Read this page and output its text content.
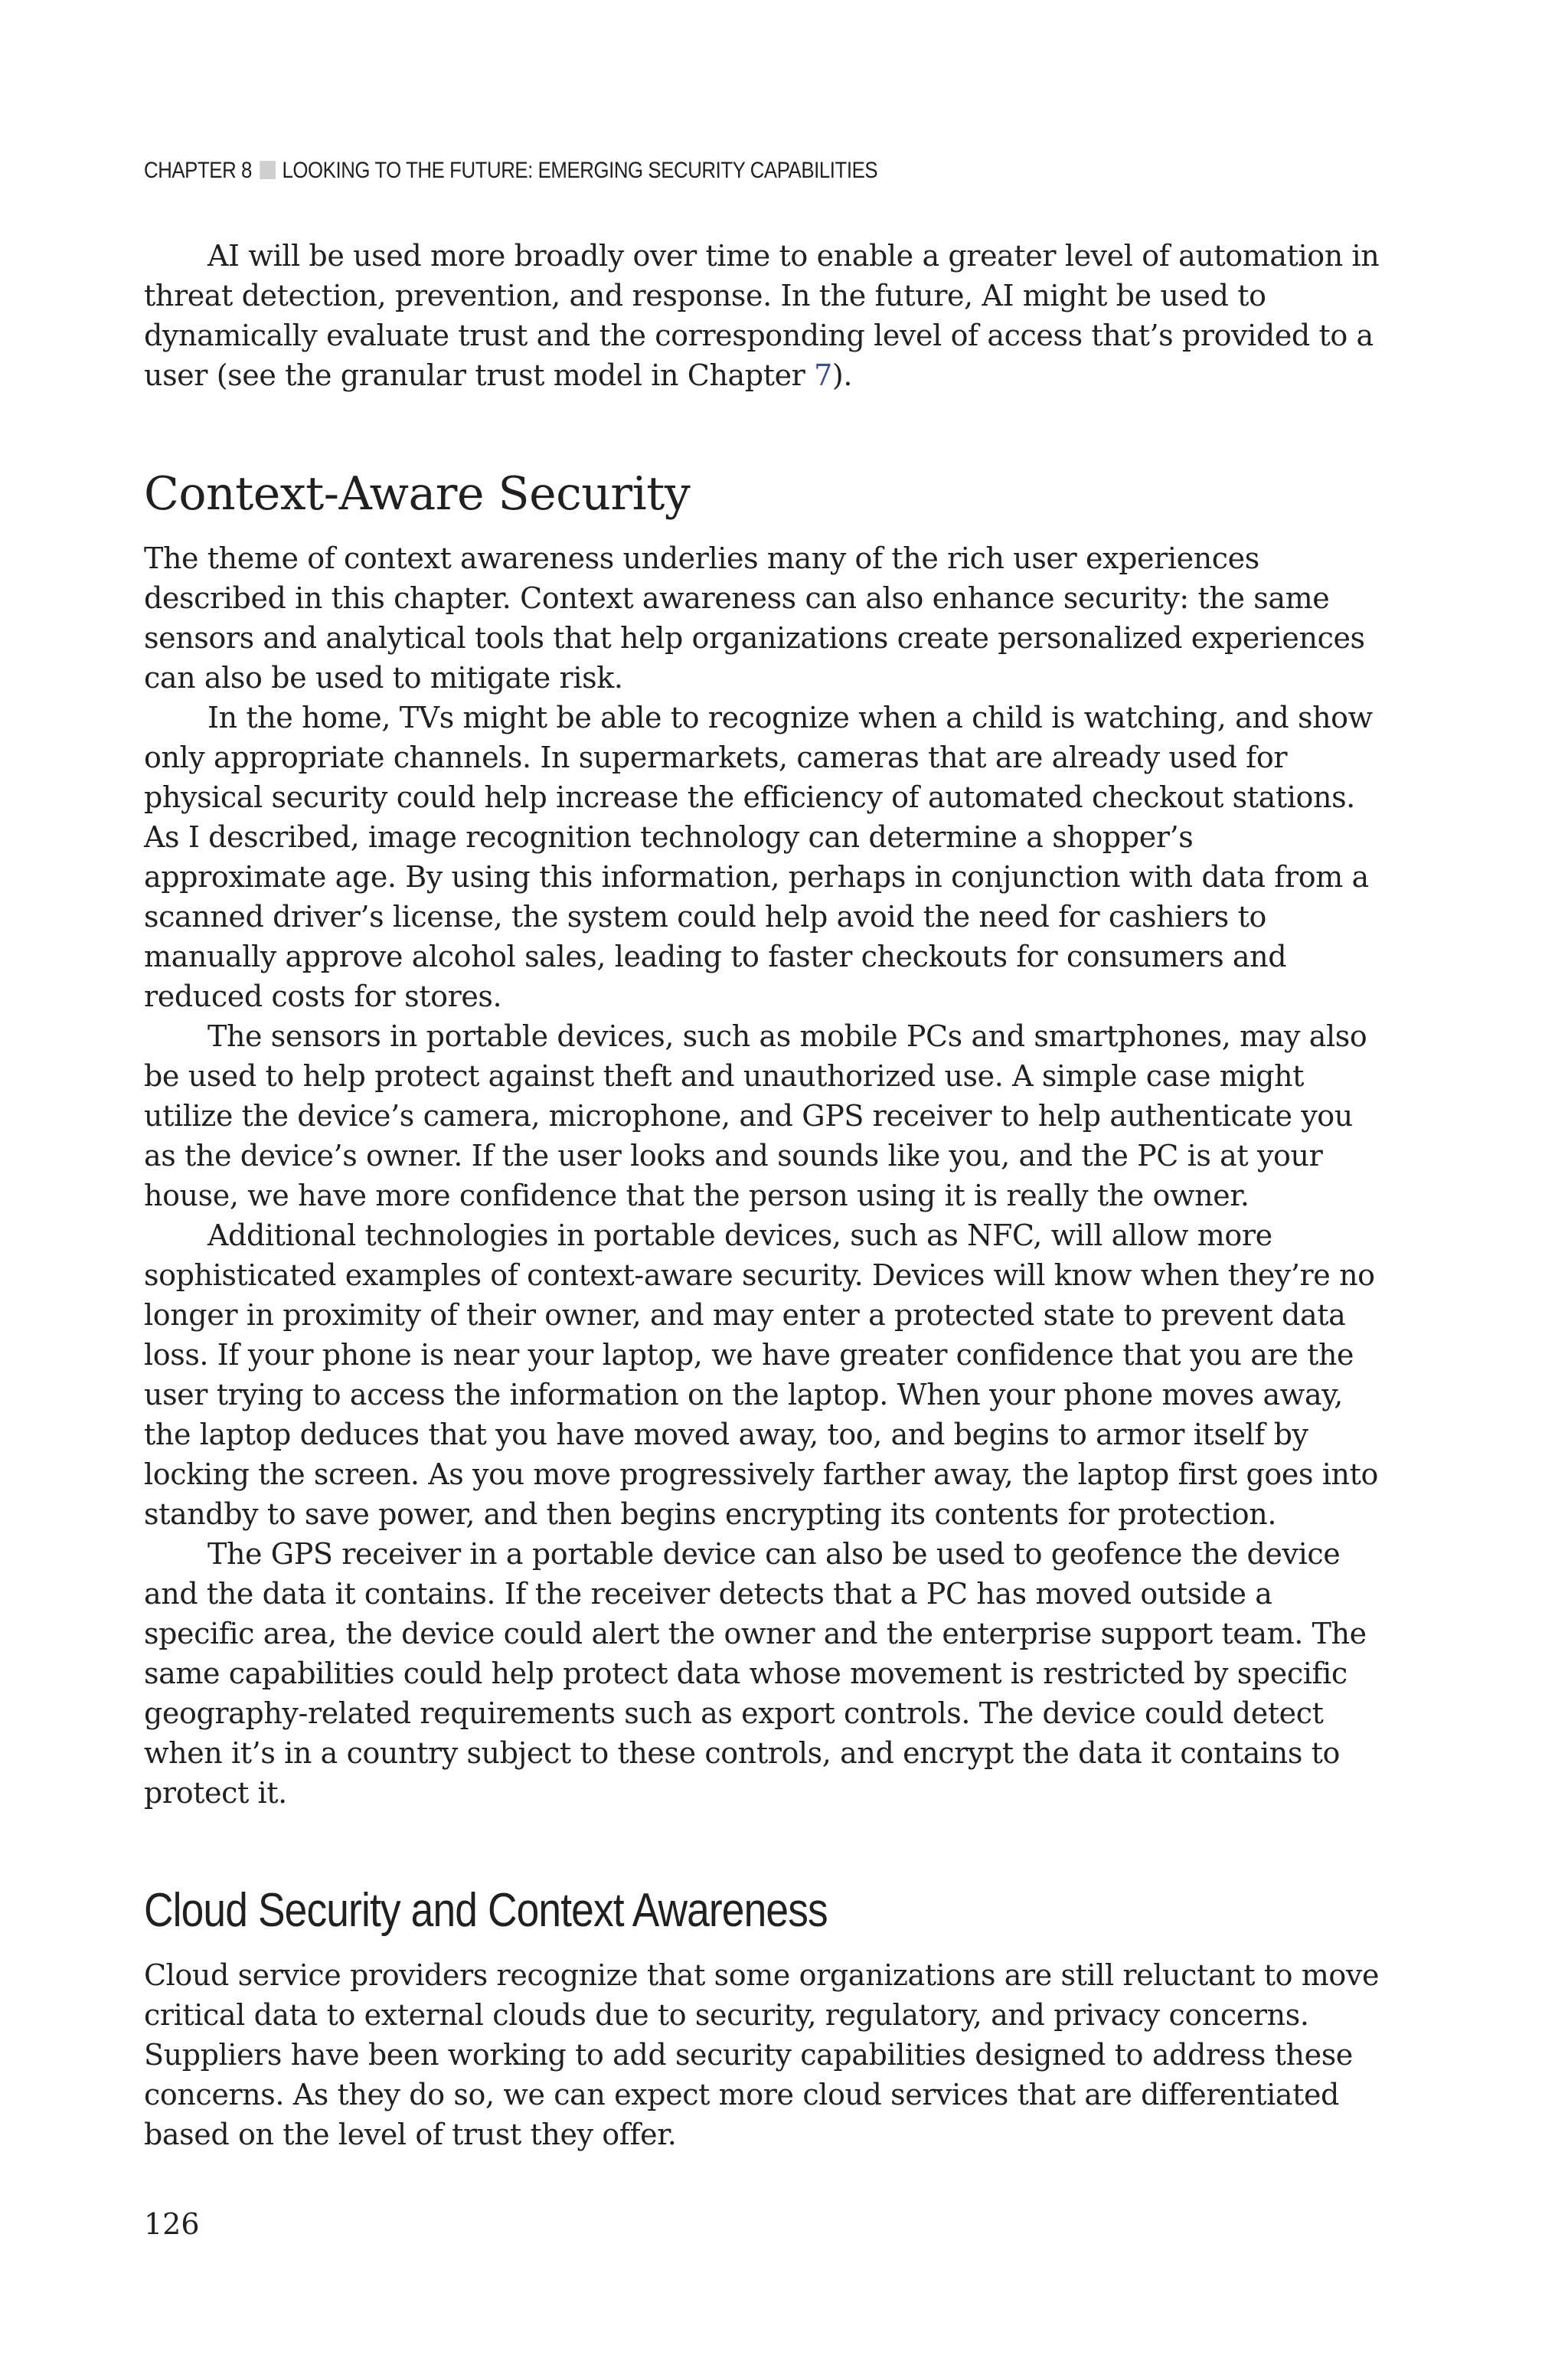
CHAPTER 8 LOOKING TO THE FUTURE: EMERGING SECURITY CAPABILITIES

AI will be used more broadly over time to enable a greater level of automation in threat detection, prevention, and response. In the future, AI might be used to dynamically evaluate trust and the corresponding level of access that’s provided to a user (see the granular trust model in Chapter 7).

Context-Aware Security

The theme of context awareness underlies many of the rich user experiences described in this chapter. Context awareness can also enhance security: the same sensors and analytical tools that help organizations create personalized experiences can also be used to mitigate risk.

In the home, TVs might be able to recognize when a child is watching, and show only appropriate channels. In supermarkets, cameras that are already used for physical security could help increase the efficiency of automated checkout stations. As I described, image recognition technology can determine a shopper’s approximate age. By using this information, perhaps in conjunction with data from a scanned driver’s license, the system could help avoid the need for cashiers to manually approve alcohol sales, leading to faster checkouts for consumers and reduced costs for stores.

The sensors in portable devices, such as mobile PCs and smartphones, may also be used to help protect against theft and unauthorized use. A simple case might utilize the device’s camera, microphone, and GPS receiver to help authenticate you as the device’s owner. If the user looks and sounds like you, and the PC is at your house, we have more confidence that the person using it is really the owner.

Additional technologies in portable devices, such as NFC, will allow more sophisticated examples of context-aware security. Devices will know when they’re no longer in proximity of their owner, and may enter a protected state to prevent data loss. If your phone is near your laptop, we have greater confidence that you are the user trying to access the information on the laptop. When your phone moves away, the laptop deduces that you have moved away, too, and begins to armor itself by locking the screen. As you move progressively farther away, the laptop first goes into standby to save power, and then begins encrypting its contents for protection.

The GPS receiver in a portable device can also be used to geofence the device and the data it contains. If the receiver detects that a PC has moved outside a specific area, the device could alert the owner and the enterprise support team. The same capabilities could help protect data whose movement is restricted by specific geography-related requirements such as export controls. The device could detect when it’s in a country subject to these controls, and encrypt the data it contains to protect it.

Cloud Security and Context Awareness

Cloud service providers recognize that some organizations are still reluctant to move critical data to external clouds due to security, regulatory, and privacy concerns. Suppliers have been working to add security capabilities designed to address these concerns. As they do so, we can expect more cloud services that are differentiated based on the level of trust they offer.

126
